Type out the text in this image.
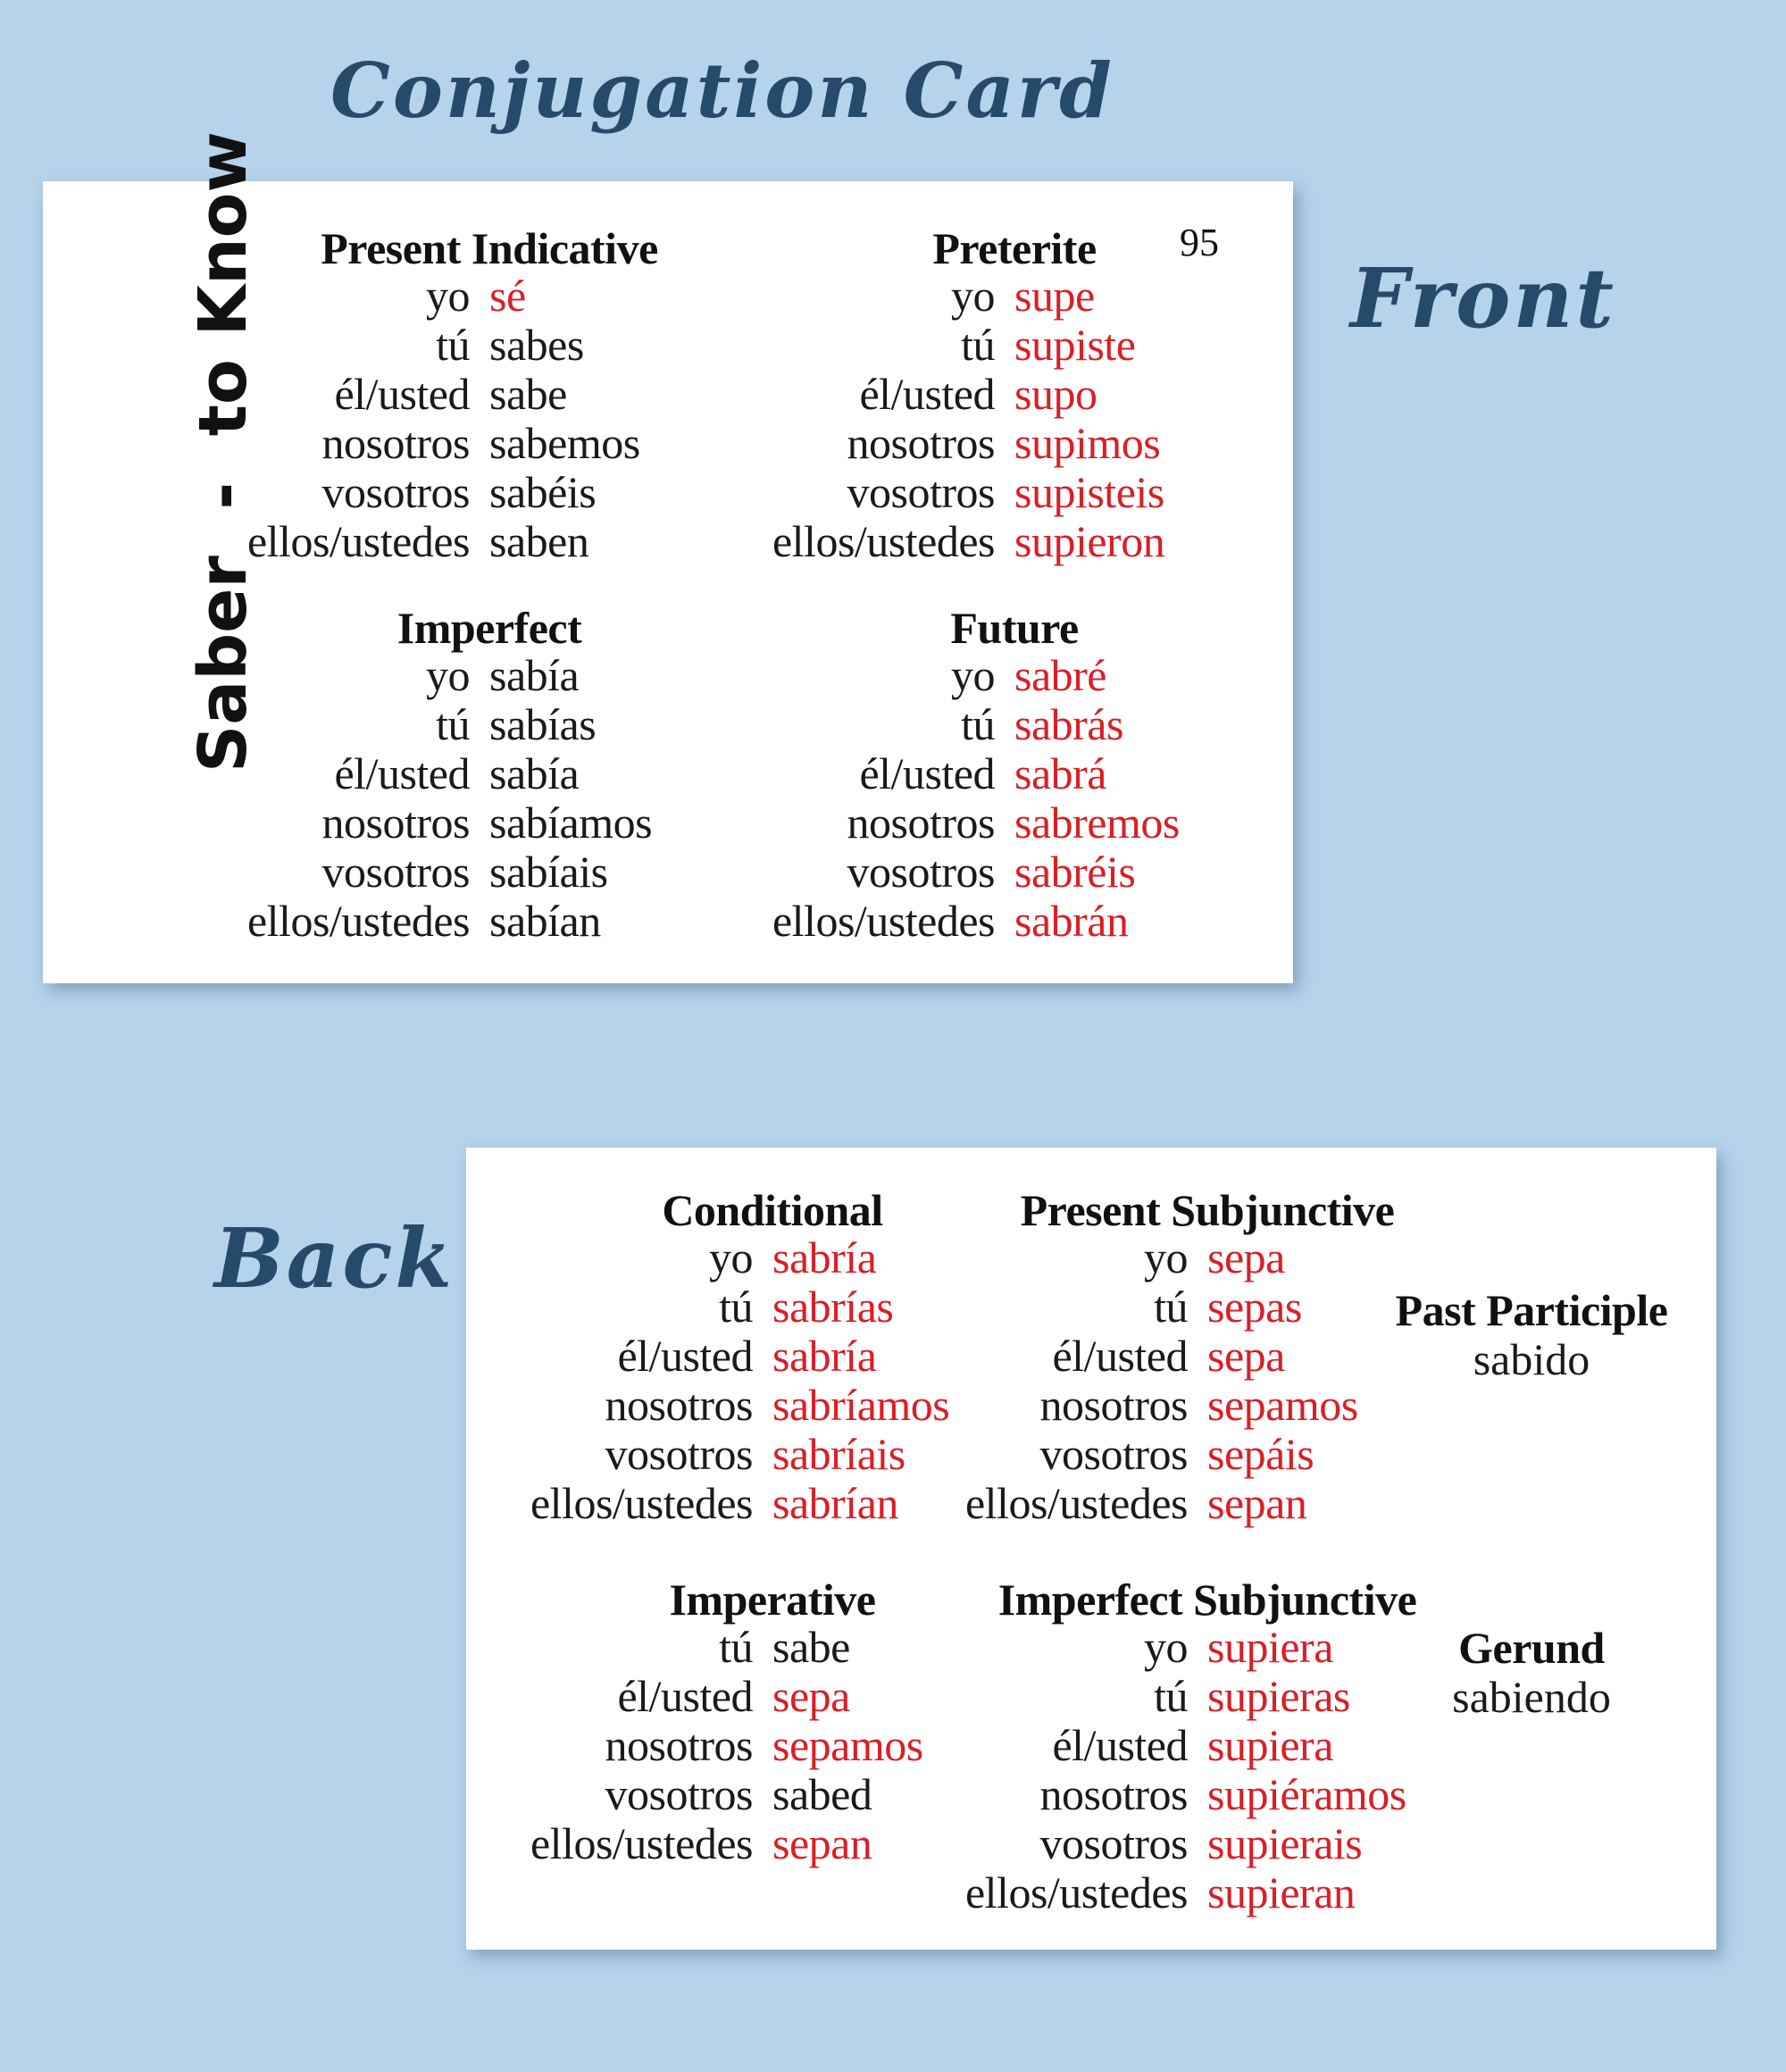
Conjugation Card
Front
Back
Saber  -  to Know	95
Present Indicative
yo sé
tú sabes
él/usted sabe
nosotros sabemos
vosotros sabéis
ellos/ustedes saben
Preterite
yo supe
tú supiste
él/usted supo
nosotros supimos
vosotros supisteis
ellos/ustedes supieron
Imperfect
yo sabía
tú sabías
él/usted sabía
nosotros sabíamos
vosotros sabíais
ellos/ustedes sabían
Future
yo sabré
tú sabrás
él/usted sabrá
nosotros sabremos
vosotros sabréis
ellos/ustedes sabrán
Conditional
yo sabría
tú sabrías
él/usted sabría
nosotros sabríamos
vosotros sabríais
ellos/ustedes sabrían
Present Subjunctive
yo sepa
tú sepas
él/usted sepa
nosotros sepamos
vosotros sepáis
ellos/ustedes sepan
Imperative
tú sabe
él/usted sepa
nosotros sepamos
vosotros sabed
ellos/ustedes sepan
Imperfect Subjunctive
yo supiera
tú supieras
él/usted supiera
nosotros supiéramos
vosotros supierais
ellos/ustedes supieran
Past Participle
sabido
Gerund
sabiendo
